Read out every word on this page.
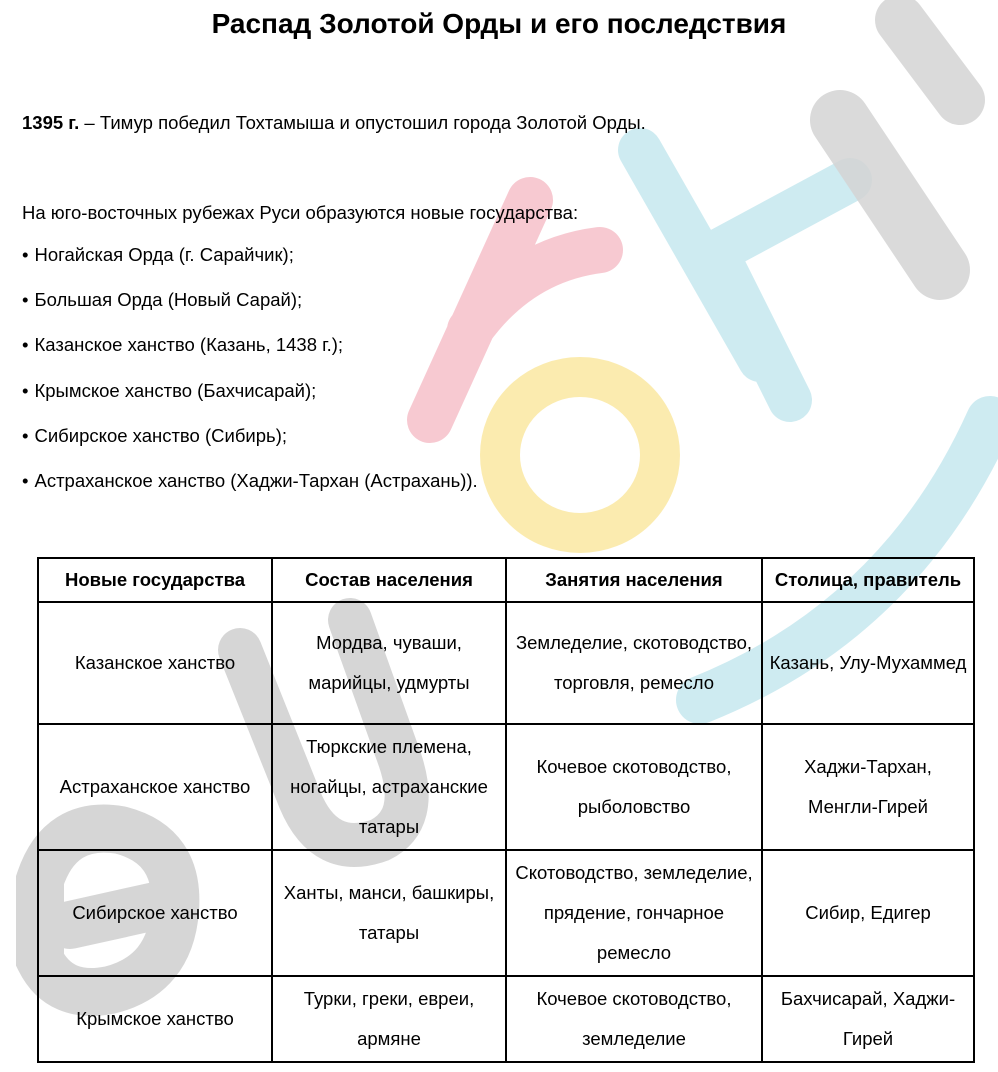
Распад Золотой Орды и его последствия
1395 г. – Тимур победил Тохтамыша и опустошил города Золотой Орды.
На юго-восточных рубежах Руси образуются новые государства:
• Ногайская Орда (г. Сарайчик);
• Большая Орда (Новый Сарай);
• Казанское ханство (Казань, 1438 г.);
• Крымское ханство (Бахчисарай);
• Сибирское ханство (Сибирь);
• Астраханское ханство (Хаджи-Тархан (Астрахань)).
Новые государства	Состав населения	Занятия населения	Столица, правитель
Казанское ханство	Мордва, чуваши, марийцы, удмурты	Земледелие, скотоводство, торговля, ремесло	Казань, Улу-Мухаммед
Астраханское ханство	Тюркские племена, ногайцы, астраханские татары	Кочевое скотоводство, рыболовство	Хаджи-Тархан, Менгли-Гирей
Сибирское ханство	Ханты, манси, башкиры, татары	Скотоводство, земледелие, прядение, гончарное ремесло	Сибир, Едигер
Крымское ханство	Турки, греки, евреи, армяне	Кочевое скотоводство, земледелие	Бахчисарай, Хаджи-Гирей
